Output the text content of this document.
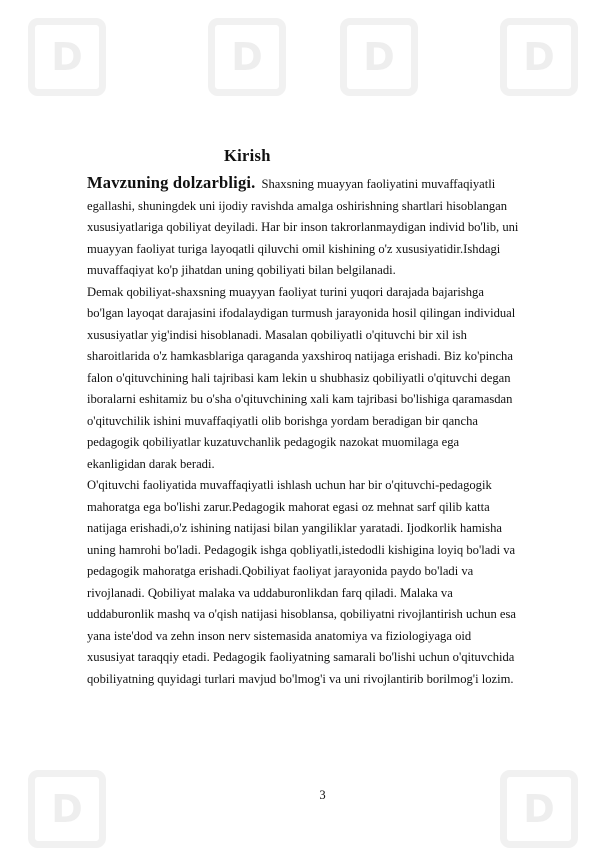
D	D	D	D
D	D
Kirish
Mavzuning dolzarbligi. Shaxsning muayyan faoliyatini muvaffaqiyatli
egallashi, shuningdek uni ijodiy ravishda amalga oshirishning shartlari hisoblangan
xususiyatlariga qobiliyat deyiladi. Har bir inson takrorlanmaydigan individ bo'lib, uni
muayyan faoliyat turiga layoqatli qiluvchi omil kishining o'z xususiyatidir.Ishdagi
muvaffaqiyat ko'p jihatdan uning qobiliyati bilan belgilanadi.
Demak qobiliyat-shaxsning muayyan faoliyat turini yuqori darajada bajarishga
bo'lgan layoqat darajasini ifodalaydigan turmush jarayonida hosil qilingan individual
xususiyatlar yig'indisi hisoblanadi. Masalan qobiliyatli o'qituvchi bir xil ish
sharoitlarida o'z hamkasblariga qaraganda yaxshiroq natijaga erishadi. Biz ko'pincha
falon o'qituvchining hali tajribasi kam lekin u shubhasiz qobiliyatli o'qituvchi degan
iboralarni eshitamiz bu o'sha o'qituvchining xali kam tajribasi bo'lishiga qaramasdan
o'qituvchilik ishini muvaffaqiyatli olib borishga yordam beradigan bir qancha
pedagogik qobiliyatlar kuzatuvchanlik pedagogik nazokat muomilaga ega
ekanligidan darak beradi.
O'qituvchi faoliyatida muvaffaqiyatli ishlash uchun har bir o'qituvchi-pedagogik
mahoratga ega bo'lishi zarur.Pedagogik mahorat egasi oz mehnat sarf qilib katta
natijaga erishadi,o'z ishining natijasi bilan yangiliklar yaratadi. Ijodkorlik hamisha
uning hamrohi bo'ladi. Pedagogik ishga qobliyatli,istedodli kishigina loyiq bo'ladi va
pedagogik mahoratga erishadi.Qobiliyat faoliyat jarayonida paydo bo'ladi va
rivojlanadi. Qobiliyat malaka va uddaburonlikdan farq qiladi. Malaka va
uddaburonlik mashq va o'qish natijasi hisoblansa, qobiliyatni rivojlantirish uchun esa
yana iste'dod va zehn inson nerv sistemasida anatomiya va fiziologiyaga oid
xususiyat taraqqiy etadi. Pedagogik faoliyatning samarali bo'lishi uchun o'qituvchida
qobiliyatning quyidagi turlari mavjud bo'lmog'i va uni rivojlantirib borilmog'i lozim.
3
